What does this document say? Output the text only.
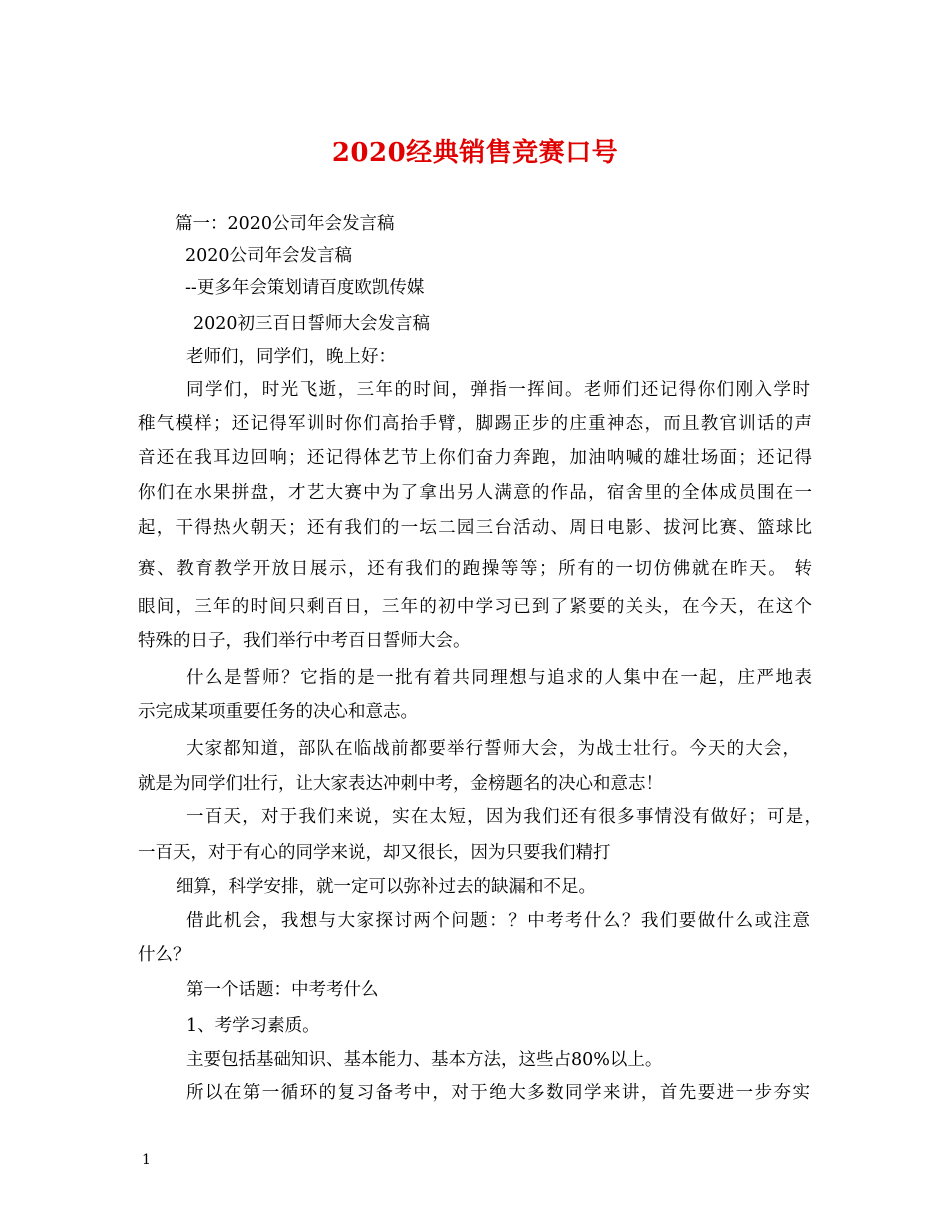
2020经典销售竞赛口号
篇一：2020公司年会发言稿
2020公司年会发言稿
--更多年会策划请百度欧凯传媒
2020初三百日誓师大会发言稿
老师们，同学们，晚上好：
同学们，时光飞逝，三年的时间，弹指一挥间。老师们还记得你们刚入学时
稚气模样；还记得军训时你们高抬手臂，脚踢正步的庄重神态，而且教官训话的声
音还在我耳边回响；还记得体艺节上你们奋力奔跑，加油呐喊的雄壮场面；还记得
你们在水果拼盘，才艺大赛中为了拿出另人满意的作品，宿舍里的全体成员围在一
起，干得热火朝天；还有我们的一坛二园三台活动、周日电影、拔河比赛、篮球比
赛、教育教学开放日展示，还有我们的跑操等等；所有的一切仿佛就在昨天。 转
眼间，三年的时间只剩百日，三年的初中学习已到了紧要的关头，在今天，在这个
特殊的日子，我们举行中考百日誓师大会。
什么是誓师？它指的是一批有着共同理想与追求的人集中在一起，庄严地表
示完成某项重要任务的决心和意志。
大家都知道，部队在临战前都要举行誓师大会，为战士壮行。今天的大会，
就是为同学们壮行，让大家表达冲刺中考，金榜题名的决心和意志！
一百天，对于我们来说，实在太短，因为我们还有很多事情没有做好；可是，
一百天，对于有心的同学来说，却又很长，因为只要我们精打
细算，科学安排，就一定可以弥补过去的缺漏和不足。
借此机会，我想与大家探讨两个问题：？中考考什么？我们要做什么或注意
什么？
第一个话题：中考考什么
1、考学习素质。
主要包括基础知识、基本能力、基本方法，这些占80%以上。
所以在第一循环的复习备考中，对于绝大多数同学来讲，首先要进一步夯实
1
